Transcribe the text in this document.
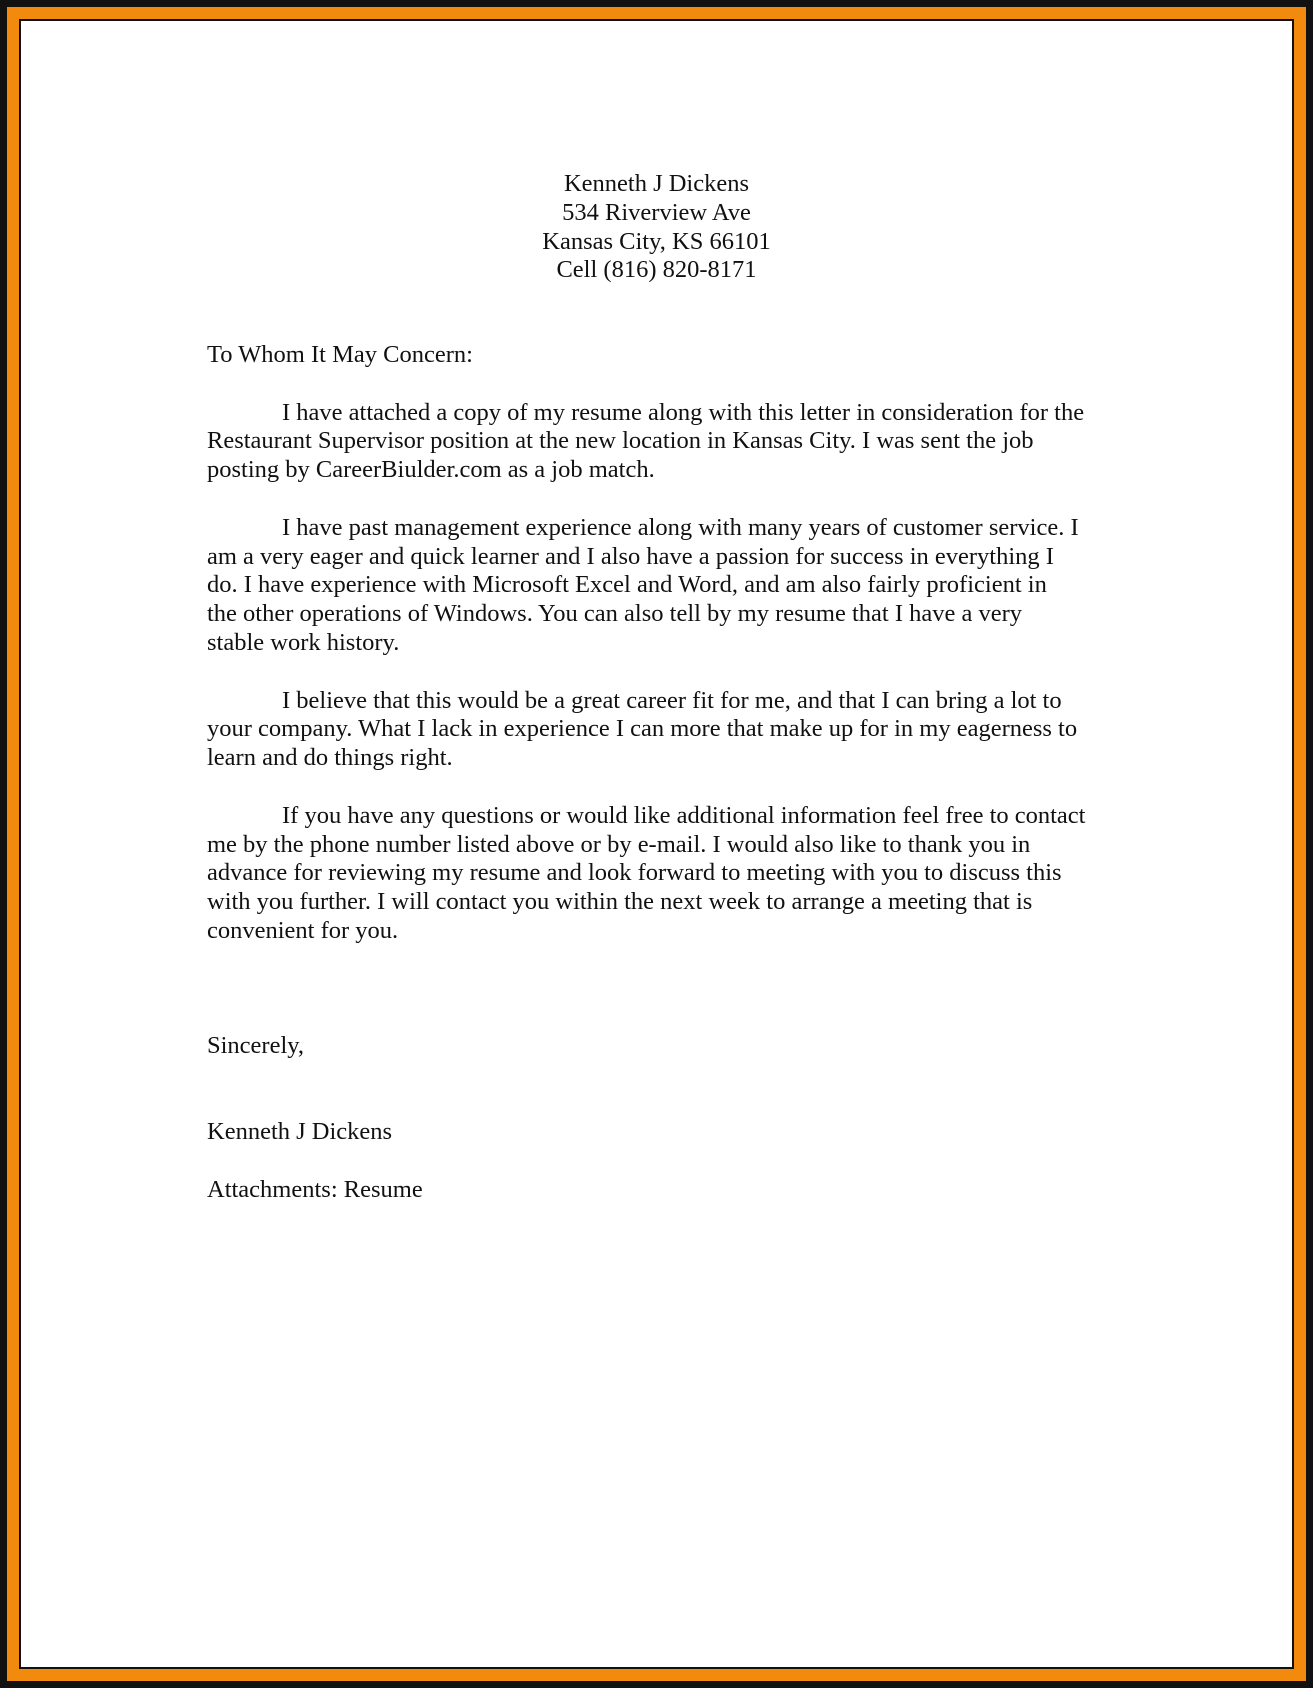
Kenneth J Dickens
534 Riverview Ave
Kansas City, KS 66101
Cell (816) 820-8171
To Whom It May Concern:
I have attached a copy of my resume along with this letter in consideration for the
Restaurant Supervisor position at the new location in Kansas City. I was sent the job
posting by CareerBiulder.com as a job match.
I have past management experience along with many years of customer service. I
am a very eager and quick learner and I also have a passion for success in everything I
do. I have experience with Microsoft Excel and Word, and am also fairly proficient in
the other operations of Windows. You can also tell by my resume that I have a very
stable work history.
I believe that this would be a great career fit for me, and that I can bring a lot to
your company. What I lack in experience I can more that make up for in my eagerness to
learn and do things right.
If you have any questions or would like additional information feel free to contact
me by the phone number listed above or by e-mail. I would also like to thank you in
advance for reviewing my resume and look forward to meeting with you to discuss this
with you further. I will contact you within the next week to arrange a meeting that is
convenient for you.
Sincerely,
Kenneth J Dickens
Attachments: Resume
